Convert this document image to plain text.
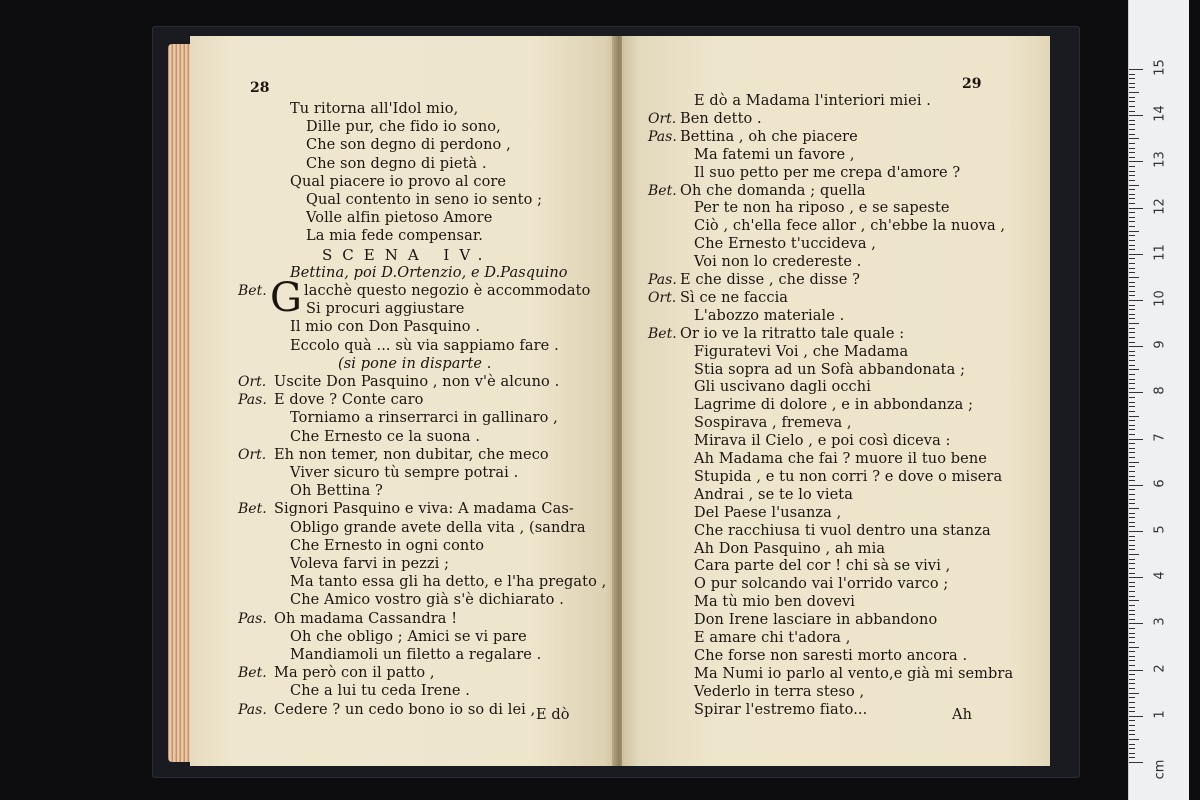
28
Tu ritorna all'Idol mio,
Dille pur, che fido io sono,
Che son degno di perdono ,
Che son degno di pietà .
Qual piacere io provo al core
Qual contento in seno io sento ;
Volle alfin pietoso Amore
La mia fede compensar.
SCENA IV.
Bettina, poi D.Ortenzio, e D.Pasquino
Bet. G lacchè questo negozio è accommodato
Si procuri aggiustare
Il mio con Don Pasquino .
Eccolo quà ... sù via sappiamo fare .
(si pone in disparte .
Ort. Uscite Don Pasquino , non v'è alcuno .
Pas. E dove ? Conte caro
Torniamo a rinserrarci in gallinaro ,
Che Ernesto ce la suona .
Ort. Eh non temer, non dubitar, che meco
Viver sicuro tù sempre potrai .
Oh Bettina ?
Bet. Signori Pasquino e viva: A madama Cas-
Obligo grande avete della vita , (sandra
Che Ernesto in ogni conto
Voleva farvi in pezzi ;
Ma tanto essa gli ha detto, e l'ha pregato ,
Che Amico vostro già s'è dichiarato .
Pas. Oh madama Cassandra !
Oh che obligo ; Amici se vi pare
Mandiamoli un filetto a regalare .
Bet. Ma però con il patto ,
Che a lui tu ceda Irene .
Pas. Cedere ? un cedo bono io so di lei , E dò
29
E dò a Madama l'interiori miei .
Ort. Ben detto .
Pas. Bettina , oh che piacere
Ma fatemi un favore ,
Il suo petto per me crepa d'amore ?
Bet. Oh che domanda ; quella
Per te non ha riposo , e se sapeste
Ciò , ch'ella fece allor , ch'ebbe la nuova ,
Che Ernesto t'uccideva ,
Voi non lo credereste .
Pas. E che disse , che disse ?
Ort. Sì ce ne faccia
L'abozzo materiale .
Bet. Or io ve la ritratto tale quale :
Figuratevi Voi , che Madama
Stia sopra ad un Sofà abbandonata ;
Gli uscivano dagli occhi
Lagrime di dolore , e in abbondanza ;
Sospirava , fremeva ,
Mirava il Cielo , e poi così diceva :
Ah Madama che fai ? muore il tuo bene
Stupida , e tu non corri ? e dove o misera
Andrai , se te lo vieta
Del Paese l'usanza ,
Che racchiusa ti vuol dentro una stanza
Ah Don Pasquino , ah mia
Cara parte del cor ! chi sà se vivi ,
O pur solcando vai l'orrido varco ;
Ma tù mio ben dovevi
Don Irene lasciare in abbandono
E amare chi t'adora ,
Che forse non saresti morto ancora .
Ma Numi io parlo al vento,e già mi sembra
Vederlo in terra steso ,
Spirar l'estremo fiato...	Ah
cm
1
2
3
4
5
6
7
8
9
10
11
12
13
14
15
